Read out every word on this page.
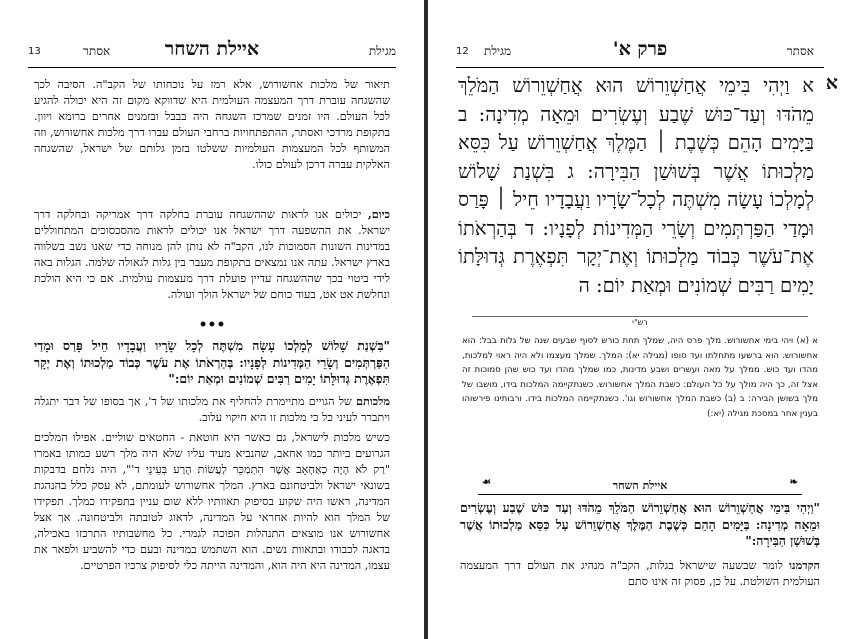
13	מגילת
איילת השחר
אסתר
תיאור של מלכות אחשורוש, אלא רמז על נוכחותו של הקב"ה. הסיבה לכך שהשגחה עוברת דרך המעצמה העולמית היא שדווקא מקום זה היא יכולה להגיע לכל העולם. היו זמנים שמרכז השגחה היה בבבל ובזמנים אחרים ברומא ויוון. בתקופת מרדכי ואסתר, ההתפתחויות ברחבי העולם עברו דרך מלכות אחשורוש, וזה המשותף לכל המעצמות העולמיות ששלטו בזמן גלותם של ישראל, שהשגחה האלקית עברה דרכן לעולם כולו.
כיום, יכולים אנו לראות שההשגחה עוברת בחלקה דרך אמריקה ובחלקה דרך ישראל. את ההשפעה דרך ישראל אנו יכולים לראות מהסכסוכים המתחוללים במדינות השונות הסמוכות לנו, הקב"ה לא נותן להן מנוחה כדי שאנו נשב בשלווה בארץ ישראל. עתה אנו נמצאים בתקופת מעבר בין גלות לגאולה שלמה. הגלות באה לידי ביטוי בכך שההשגחה עדיין פועלת דרך מעצמות עולמית. אם כי היא הולכת ונחלשת אט אט, בעוד כוחם של ישראל הולך ועולה.
•••
"בִּשְׁנַת שָׁלוֹשׁ לְמָלְכוֹ עָשָׂה מִשְׁתֶּה לְכָל שָׂרָיו וַעֲבָדָיו חֵיל פָּרַס וּמָדַי הַפַּרְתְּמִים וְשָׂרֵי הַמְּדִינוֹת לְפָנָיו: בְּהַרְאֹתוֹ אֶת עֹשֶׁר כְּבוֹד מַלְכוּתוֹ וְאֶת יְקָר תִּפְאֶרֶת גְּדוּלָּתוֹ יָמִים רַבִּים שְׁמוֹנִים וּמְאַת יוֹם:"
מלכותם של הגויים מתיימרת להחליף את מלכותו של ד', אך בסופו של דבר יתגלה ויתברר לעיני כל כי מלכות זו היא חיקוי עלוב.
כשיש מלכות לישראל, גם כאשר היא חוטאת - החטאים שוליים. אפילו המלכים הגרועים ביותר כמו אחאב, שהנביא מעיד עליו שלא היה מלך רשע כמותו באמרו "רַק לֹא הָיָה כְאַחְאָב אֲשֶׁר הִתְמַכֵּר לַעֲשׂוֹת הָרַע בְּעֵינֵי ד'", היה נלחם בדבקות בשונאי ישראל ולביטחונם בארץ. המלך אחשורוש לעומתם, לא עסק כלל בהנהגת המדינה, ראשו היה שקוע בסיפוק תאוותיו ללא שום עניין בתפקידו כמלך. תפקידו של המלך הוא להיות אחראי על המדינה, לדאוג לטובתה ולביטחונה. אך אצל אחשורוש אנו מוצאים התנהלות הפוכה לגמרי. כל מחשבותיו התרכזו באכילה, בדאגה לכבודו ובתאוות נשים. הוא השתמש במדינה ובעם כדי להשביע ולפאר את עצמו, המדינה היא היה הוא, והמדינה הייתה כלי לסיפוק צרכיו הפרטיים.
12 מגילת	פרק א'	אסתר
א
א וַיְהִי בִּימֵי אֲחַשְׁוֵרוֹשׁ הוּא אֲחַשְׁוֵרוֹשׁ הַמֹּלֵךְ מֵהֹדּוּ וְעַד־כּוּשׁ שֶׁבַע וְעֶשְׂרִים וּמֵאָה מְדִינָה: ב בַּיָּמִים הָהֵם כְּשֶׁבֶת ׀ הַמֶּלֶךְ אֲחַשְׁוֵרוֹשׁ עַל כִּסֵּא מַלְכוּתוֹ אֲשֶׁר בְּשׁוּשַׁן הַבִּירָה: ג בִּשְׁנַת שָׁלוֹשׁ לְמָלְכוֹ עָשָׂה מִשְׁתֶּה לְכָל־שָׂרָיו וַעֲבָדָיו חֵיל ׀ פָּרַס וּמָדַי הַפַּרְתְּמִים וְשָׂרֵי הַמְּדִינוֹת לְפָנָיו: ד בְּהַרְאֹתוֹ אֶת־עֹשֶׁר כְּבוֹד מַלְכוּתוֹ וְאֶת־יְקָר תִּפְאֶרֶת גְּדוּלָּתוֹ יָמִים רַבִּים שְׁמוֹנִים וּמְאַת יוֹם: ה
רש"י
א (א) ויהי בימי אחשורוש. מלך פרס היה, שמלך תחת כורש לסוף שבעים שנה של גלות בבל: הוא אחשורוש. הוא ברשעו מתחלתו ועד סופו (מגילה יא): המלך. שמלך מעצמו ולא היה ראוי למלכות, מהדו ועד כוש. ממלך על מאה ועשרים ושבע מדינות, כמו שמלך מהדו ועד כוש שהן סמוכות זה אצל זה, כך היה מולך על כל העולם: כשבת המלך אחשורוש. כשנתקיימה המלכות בידו, מושבו של מלך בשושן הבירה: ב (ב) כשבת המלך אחשורוש וגו'. כשנתקיימה המלכות בידו. ורבותינו פירשוהו בענין אחר במסכת מגילה (יא:)
❧
$_{איילת השחר}$
☙
"וַיְהִי בִּימֵי אֲחַשְׁוֵרוֹשׁ הוּא אֲחַשְׁוֵרוֹשׁ הַמֹּלֵךְ מֵהֹדּוּ וְעַד כּוּשׁ שֶׁבַע וְעֶשְׂרִים וּמֵאָה מְדִינָה: בַּיָּמִים הָהֵם כְּשֶׁבֶת הַמֶּלֶךְ אֲחַשְׁוֵרוֹשׁ עַל כִּסֵּא מַלְכוּתוֹ אֲשֶׁר בְּשׁוּשַׁן הַבִּירָה:"
הקדמנו לומר שבשעה שישראל בגלות, הקב"ה מנהיג את העולם דרך המעצמה העולמית השולטת. על כן, פסוק זה אינו סתם
